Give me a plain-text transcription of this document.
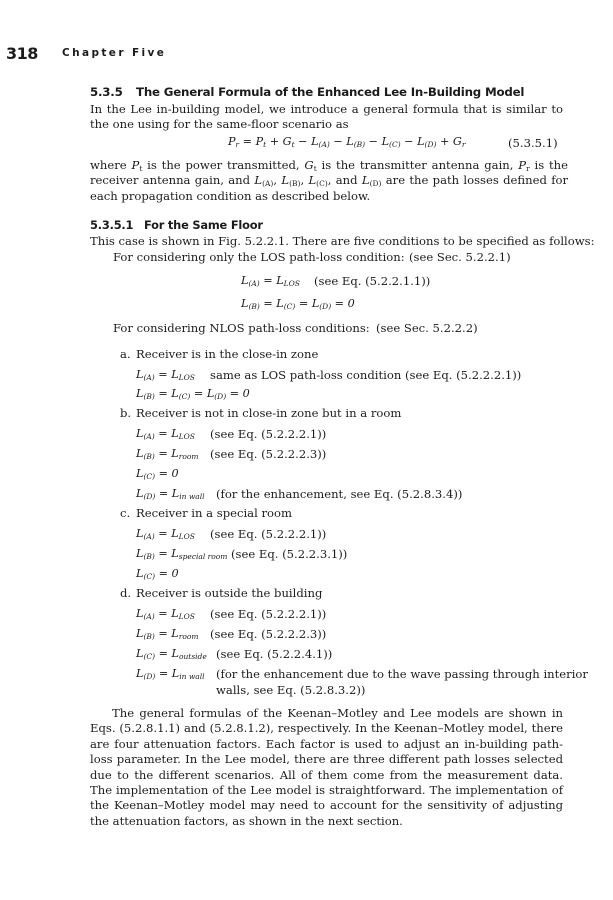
318 Chapter Five
5.3.5 The General Formula of the Enhanced Lee In-Building Model
In the Lee in-building model, we introduce a general formula that is similar to the one using for the same-floor scenario as
$P_r = P_t + G_t - L_{(A)} - L_{(B)} - L_{(C)} - L_{(D)} + G_r$	(5.3.5.1)
where $P_t$ is the power transmitted, $G_t$ is the transmitter antenna gain, $P_r$ is the receiver antenna gain, and $L_{(A)}$, $L_{(B)}$, $L_{(C)}$, and $L_{(D)}$ are the path losses defined for each propagation condition as described below.
5.3.5.1 For the Same Floor
This case is shown in Fig. 5.2.2.1. There are five conditions to be specified as follows:
For considering only the LOS path-loss condition: (see Sec. 5.2.2.1)
$L_{(A)} = L_{LOS}$ (see Eq. (5.2.2.1.1))
$L_{(B)} = L_{(C)} = L_{(D)} = 0$
For considering NLOS path-loss conditions: (see Sec. 5.2.2.2)
a. Receiver is in the close-in zone
$L_{(A)} = L_{LOS}$ same as LOS path-loss condition (see Eq. (5.2.2.2.1))
$L_{(B)} = L_{(C)} = L_{(D)} = 0$
b. Receiver is not in close-in zone but in a room
$L_{(A)} = L_{LOS}$ (see Eq. (5.2.2.2.1))
$L_{(B)} = L_{room}$ (see Eq. (5.2.2.2.3))
$L_{(C)} = 0$
$L_{(D)} = L_{in wall}$ (for the enhancement, see Eq. (5.2.8.3.4))
c. Receiver in a special room
$L_{(A)} = L_{LOS}$ (see Eq. (5.2.2.2.1))
$L_{(B)} = L_{special room}$ (see Eq. (5.2.2.3.1))
$L_{(C)} = 0$
d. Receiver is outside the building
$L_{(A)} = L_{LOS}$ (see Eq. (5.2.2.2.1))
$L_{(B)} = L_{room}$ (see Eq. (5.2.2.2.3))
$L_{(C)} = L_{outside}$ (see Eq. (5.2.2.4.1))
$L_{(D)} = L_{in wall}$ (for the enhancement due to the wave passing through interior
walls, see Eq. (5.2.8.3.2))
The general formulas of the Keenan–Motley and Lee models are shown in Eqs. (5.2.8.1.1) and (5.2.8.1.2), respectively. In the Keenan–Motley model, there are four attenuation factors. Each factor is used to adjust an in-building path-loss parameter. In the Lee model, there are three different path losses selected due to the different scenarios. All of them come from the measurement data. The implementation of the Lee model is straightforward. The implementation of the Keenan–Motley model may need to account for the sensitivity of adjusting the attenuation factors, as shown in the next section.
